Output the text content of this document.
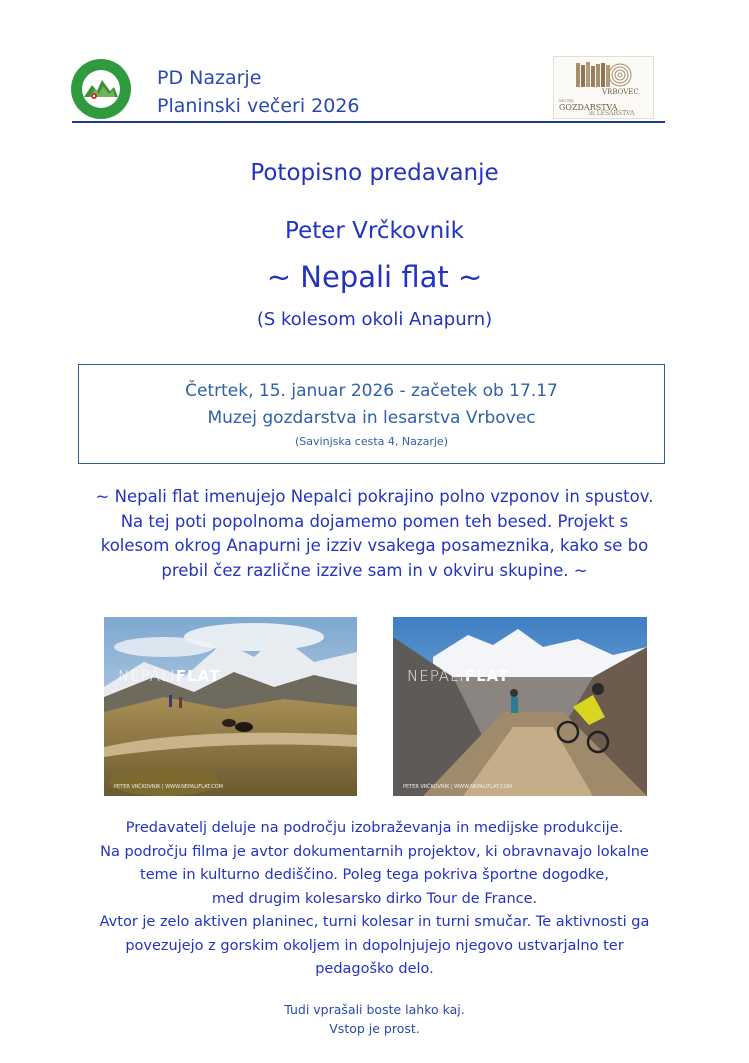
PD Nazarje
Planinski večeri 2026
VRBOVEC
MUZEJ
GOZDARSTVA
in LESARSTVA
Potopisno predavanje
Peter Vrčkovnik
~ Nepali flat ~
(S kolesom okoli Anapurn)
Četrtek, 15. januar 2026 - začetek ob 17.17
Muzej gozdarstva in lesarstva Vrbovec
(Savinjska cesta 4, Nazarje)
~ Nepali flat imenujejo Nepalci pokrajino polno vzponov in spustov.
Na tej poti popolnoma dojamemo pomen teh besed. Projekt s
kolesom okrog Anapurni je izziv vsakega posameznika, kako se bo
prebil čez različne izzive sam in v okviru skupine. ~
NEPALIFLAT
PETER VRČKOVNIK | WWW.NEPALIFLAT.COM
NEPALIFLAT
PETER VRČKOVNIK | WWW.NEPALIFLAT.COM
Predavatelj deluje na področju izobraževanja in medijske produkcije.
Na področju filma je avtor dokumentarnih projektov, ki obravnavajo lokalne
teme in kulturno dediščino. Poleg tega pokriva športne dogodke,
med drugim kolesarsko dirko Tour de France.
Avtor je zelo aktiven planinec, turni kolesar in turni smučar. Te aktivnosti ga
povezujejo z gorskim okoljem in dopolnjujejo njegovo ustvarjalno ter
pedagoško delo.
Tudi vprašali boste lahko kaj.
Vstop je prost.
